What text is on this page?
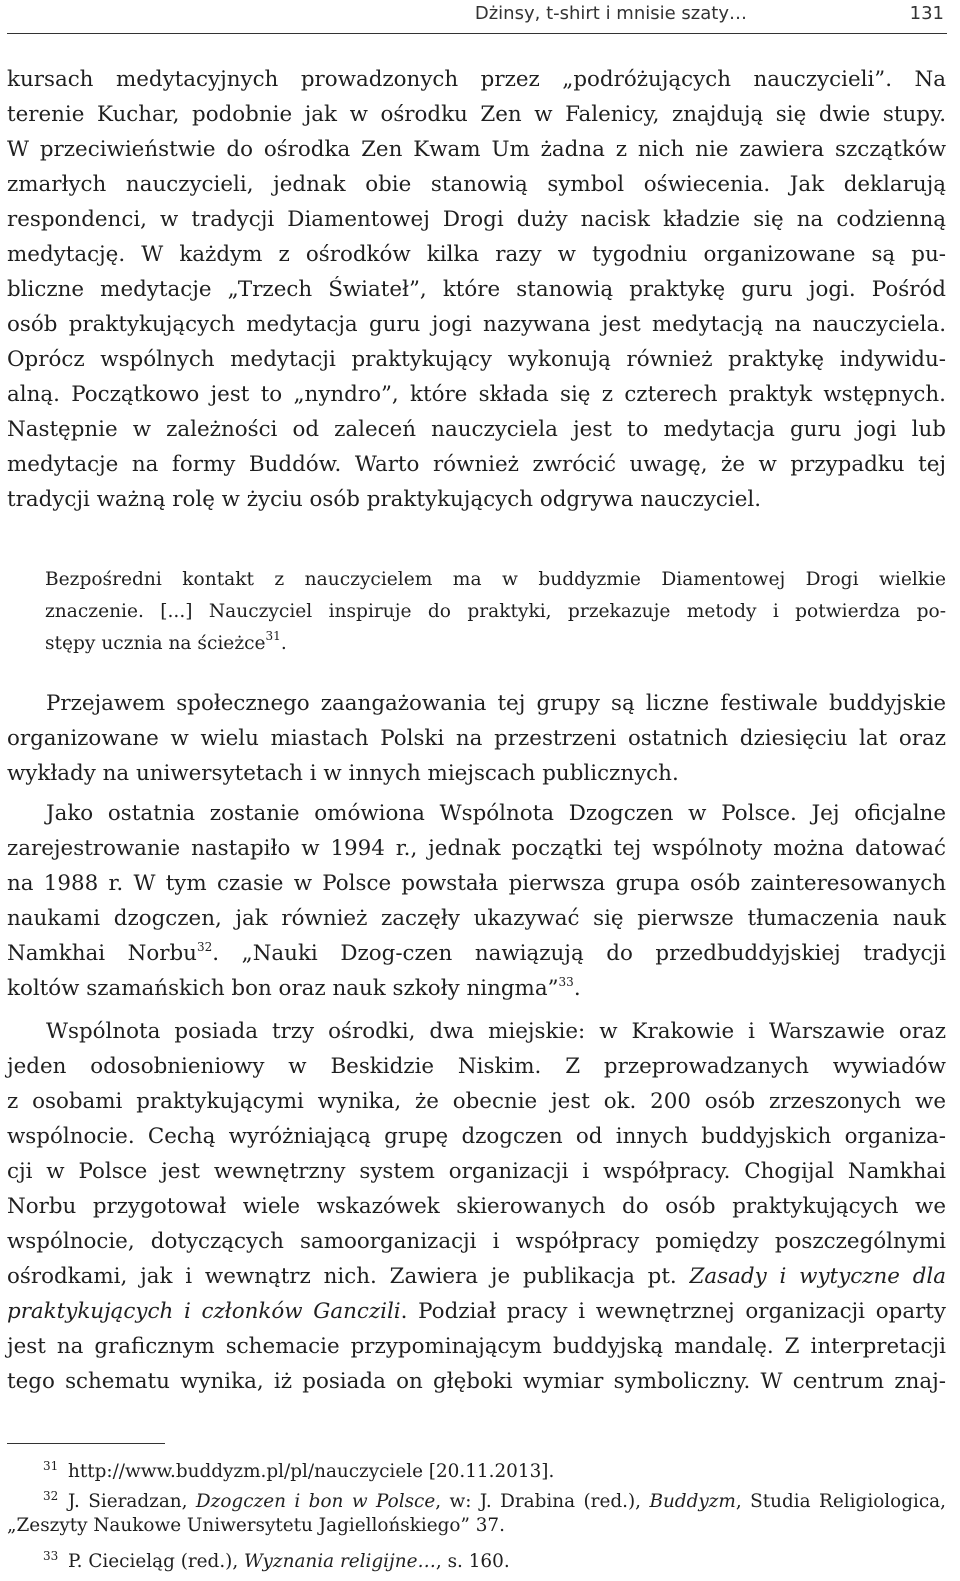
Dżinsy, t-shirt i mnisie szaty…	131
kursach medytacyjnych prowadzonych przez „podróżujących nauczycieli”. Na
terenie Kuchar, podobnie jak w ośrodku Zen w Falenicy, znajdują się dwie stupy.
W przeciwieństwie do ośrodka Zen Kwam Um żadna z nich nie zawiera szczątków
zmarłych nauczycieli, jednak obie stanowią symbol oświecenia. Jak deklarują
respondenci, w tradycji Diamentowej Drogi duży nacisk kładzie się na codzienną
medytację. W każdym z ośrodków kilka razy w tygodniu organizowane są pu-
bliczne medytacje „Trzech Świateł”, które stanowią praktykę guru jogi. Pośród
osób praktykujących medytacja guru jogi nazywana jest medytacją na nauczyciela.
Oprócz wspólnych medytacji praktykujący wykonują również praktykę indywidu-
alną. Początkowo jest to „nyndro”, które składa się z czterech praktyk wstępnych.
Następnie w zależności od zaleceń nauczyciela jest to medytacja guru jogi lub
medytacje na formy Buddów. Warto również zwrócić uwagę, że w przypadku tej
tradycji ważną rolę w życiu osób praktykujących odgrywa nauczyciel.
Bezpośredni kontakt z nauczycielem ma w buddyzmie Diamentowej Drogi wielkie
znaczenie. [...] Nauczyciel inspiruje do praktyki, przekazuje metody i potwierdza po-
stępy ucznia na ścieżce$^{31}$.
Przejawem społecznego zaangażowania tej grupy są liczne festiwale buddyjskie
organizowane w wielu miastach Polski na przestrzeni ostatnich dziesięciu lat oraz
wykłady na uniwersytetach i w innych miejscach publicznych.
Jako ostatnia zostanie omówiona Wspólnota Dzogczen w Polsce. Jej oficjalne
zarejestrowanie nastapiło w 1994 r., jednak początki tej wspólnoty można datować
na 1988 r. W tym czasie w Polsce powstała pierwsza grupa osób zainteresowanych
naukami dzogczen, jak również zaczęły ukazywać się pierwsze tłumaczenia nauk
Namkhai Norbu$^{32}$. „Nauki Dzog-czen nawiązują do przedbuddyjskiej tradycji
koltów szamańskich bon oraz nauk szkoły ningma”$^{33}$.
Wspólnota posiada trzy ośrodki, dwa miejskie: w Krakowie i Warszawie oraz
jeden odosobnieniowy w Beskidzie Niskim. Z przeprowadzanych wywiadów
z osobami praktykującymi wynika, że obecnie jest ok. 200 osób zrzeszonych we
wspólnocie. Cechą wyróżniającą grupę dzogczen od innych buddyjskich organiza-
cji w Polsce jest wewnętrzny system organizacji i współpracy. Chogijal Namkhai
Norbu przygotował wiele wskazówek skierowanych do osób praktykujących we
wspólnocie, dotyczących samoorganizacji i współpracy pomiędzy poszczególnymi
ośrodkami, jak i wewnątrz nich. Zawiera je publikacja pt. Zasady i wytyczne dla
praktykujących i członków Ganczili. Podział pracy i wewnętrznej organizacji oparty
jest na graficznym schemacie przypominającym buddyjską mandalę. Z interpretacji
tego schematu wynika, iż posiada on głęboki wymiar symboliczny. W centrum znaj-
31 http://www.buddyzm.pl/pl/nauczyciele [20.11.2013].
32 J. Sieradzan, Dzogczen i bon w Polsce, w: J. Drabina (red.), Buddyzm, Studia Religiologica,
„Zeszyty Naukowe Uniwersytetu Jagiellońskiego” 37.
33 P. Ciecieląg (red.), Wyznania religijne…, s. 160.
